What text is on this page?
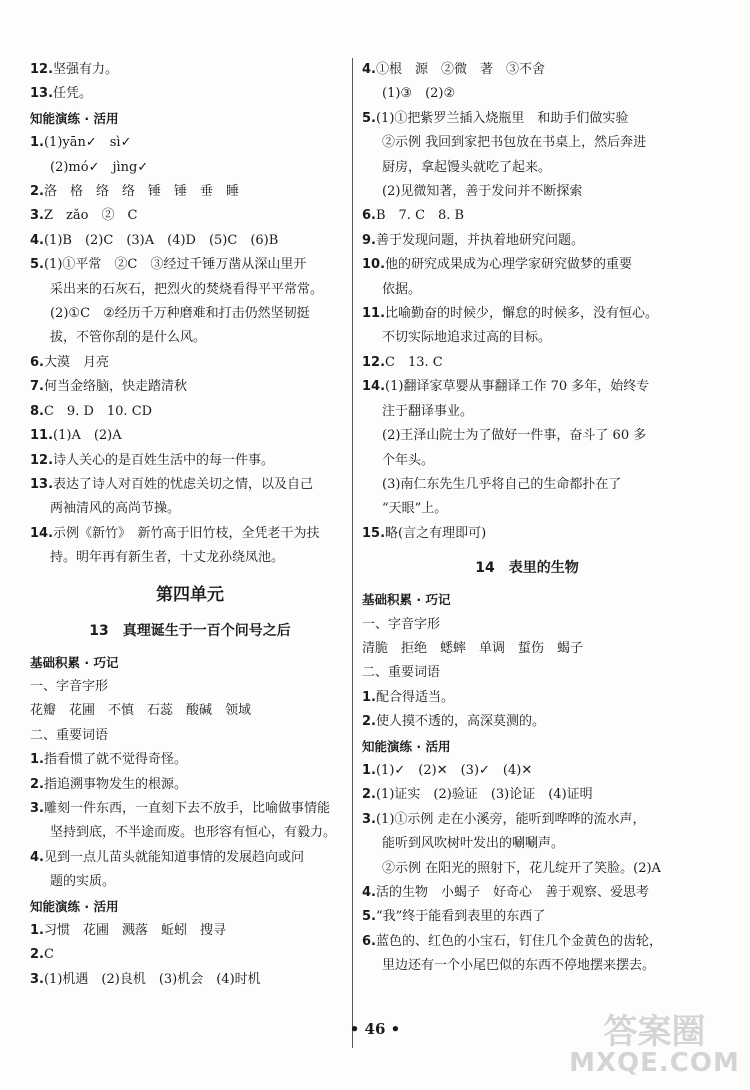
12.坚强有力。
13.任凭。
知能演练 · 活用
1.(1)yān✓　sì✓
(2)mó✓　jìng✓
2.洛　格　络　络　锤　锤　垂　睡
3.Z　zǎo　②　C
4.(1)B　(2)C　(3)A　(4)D　(5)C　(6)B
5.(1)①平常　②C　③经过千锤万凿从深山里开
采出来的石灰石，把烈火的焚烧看得平平常常。
(2)①C　②经历千万种磨难和打击仍然坚韧挺
拔，不管你刮的是什么风。
6.大漠　月亮
7.何当金络脑，快走踏清秋
8.C　9. D　10. CD
11.(1)A　(2)A
12.诗人关心的是百姓生活中的每一件事。
13.表达了诗人对百姓的忧虑关切之情，以及自己
两袖清风的高尚节操。
14.示例《新竹》　新竹高于旧竹枝，全凭老干为扶
持。明年再有新生者，十丈龙孙绕凤池。
第四单元
13　真理诞生于一百个问号之后
基础积累 · 巧记
一、字音字形
花瓣　花圃　不慎　石蕊　酸碱　领域
二、重要词语
1.指看惯了就不觉得奇怪。
2.指追溯事物发生的根源。
3.雕刻一件东西，一直刻下去不放手，比喻做事情能
坚持到底，不半途而废。也形容有恒心，有毅力。
4.见到一点儿苗头就能知道事情的发展趋向或问
题的实质。
知能演练 · 活用
1.习惯　花圃　溅落　蚯蚓　搜寻
2.C
3.(1)机遇　(2)良机　(3)机会　(4)时机
4.①根　源　②微　著　③不舍
(1)③　(2)②
5.(1)①把紫罗兰插入烧瓶里　和助手们做实验
②示例 我回到家把书包放在书桌上，然后奔进
厨房，拿起馒头就吃了起来。
(2)见微知著，善于发问并不断探索
6.B　7. C　8. B
9.善于发现问题，并执着地研究问题。
10.他的研究成果成为心理学家研究做梦的重要
依据。
11.比喻勤奋的时候少，懈怠的时候多，没有恒心。
不切实际地追求过高的目标。
12.C　13. C
14.(1)翻译家草婴从事翻译工作 70 多年，始终专
注于翻译事业。
(2)王泽山院士为了做好一件事，奋斗了 60 多
个年头。
(3)南仁东先生几乎将自己的生命都扑在了
“天眼”上。
15.略(言之有理即可)
14　表里的生物
基础积累 · 巧记
一、字音字形
清脆　拒绝　蟋蟀　单调　蜇伤　蝎子
二、重要词语
1.配合得适当。
2.使人摸不透的，高深莫测的。
知能演练 · 活用
1.(1)✓　(2)✕　(3)✓　(4)✕
2.(1)证实　(2)验证　(3)论证　(4)证明
3.(1)①示例 走在小溪旁，能听到哗哗的流水声，
能听到风吹树叶发出的唰唰声。
②示例 在阳光的照射下，花儿绽开了笑脸。(2)A
4.活的生物　小蝎子　好奇心　善于观察、爱思考
5.“我”终于能看到表里的东西了
6.蓝色的、红色的小宝石，钉住几个金黄色的齿轮，
里边还有一个小尾巴似的东西不停地摆来摆去。
• 46 •	答案圈
MXQE.COM
